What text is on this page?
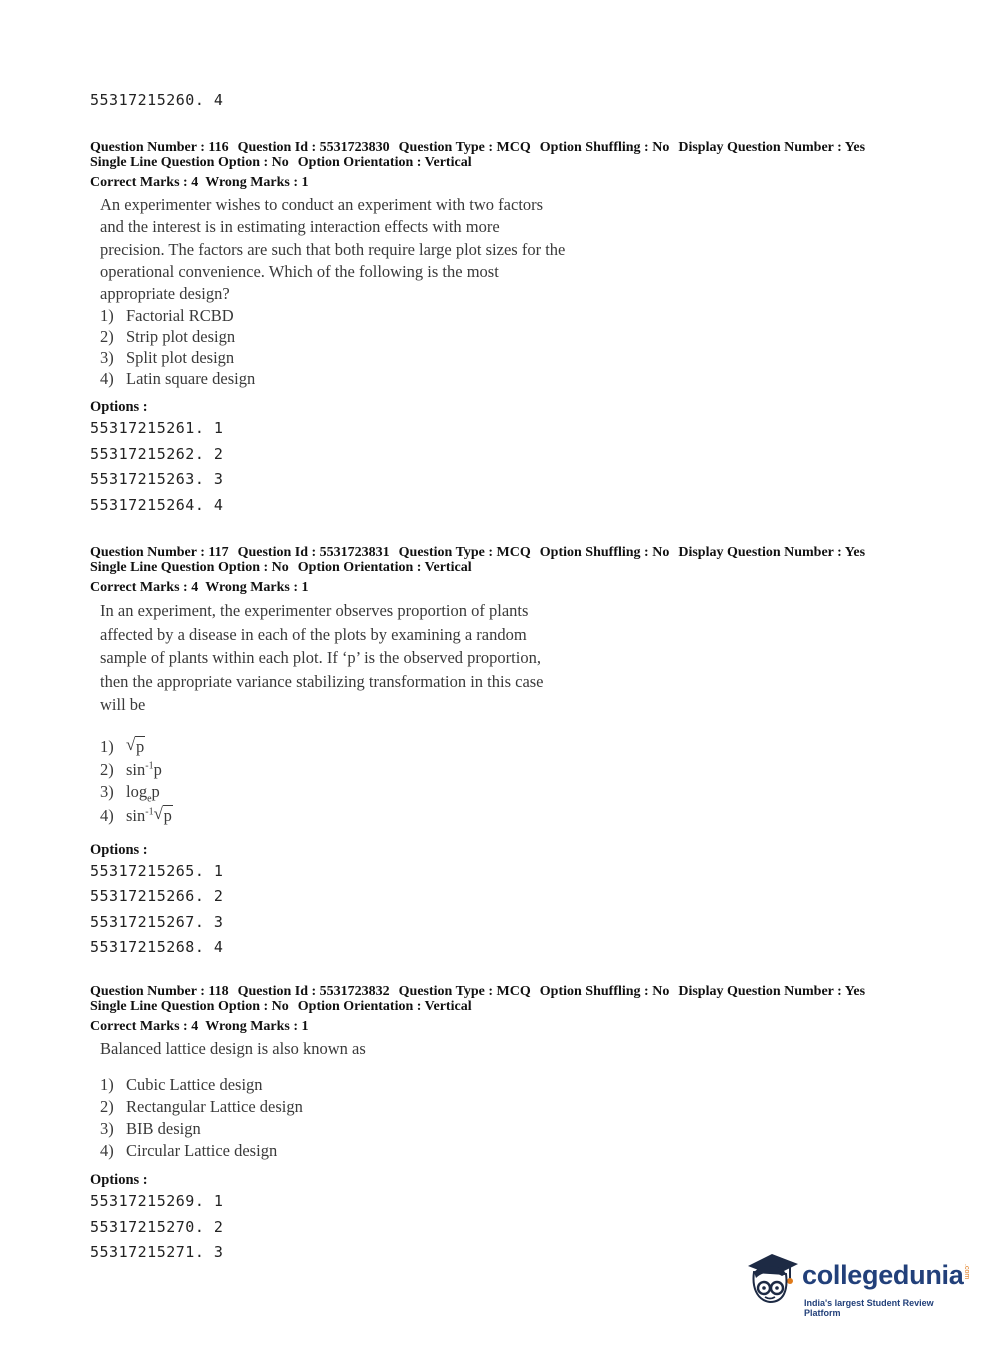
55317215260. 4
Question Number : 116 Question Id : 5531723830 Question Type : MCQ Option Shuffling : No Display Question Number : Yes
Single Line Question Option : No Option Orientation : Vertical
Correct Marks : 4 Wrong Marks : 1
An experimenter wishes to conduct an experiment with two factors
and the interest is in estimating interaction effects with more
precision. The factors are such that both require large plot sizes for the
operational convenience. Which of the following is the most
appropriate design?
1) Factorial RCBD
2) Strip plot design
3) Split plot design
4) Latin square design
Options :
55317215261. 1
55317215262. 2
55317215263. 3
55317215264. 4
Question Number : 117 Question Id : 5531723831 Question Type : MCQ Option Shuffling : No Display Question Number : Yes
Single Line Question Option : No Option Orientation : Vertical
Correct Marks : 4 Wrong Marks : 1
In an experiment, the experimenter observes proportion of plants
affected by a disease in each of the plots by examining a random
sample of plants within each plot. If ‘p’ is the observed proportion,
then the appropriate variance stabilizing transformation in this case
will be
1) √ p
2) $\sin^{-1}p$
3) $\log_ep$
4) $\sin^{-1}$ √ p
Options :
55317215265. 1
55317215266. 2
55317215267. 3
55317215268. 4
Question Number : 118 Question Id : 5531723832 Question Type : MCQ Option Shuffling : No Display Question Number : Yes
Single Line Question Option : No Option Orientation : Vertical
Correct Marks : 4 Wrong Marks : 1
Balanced lattice design is also known as
1) Cubic Lattice design
2) Rectangular Lattice design
3) BIB design
4) Circular Lattice design
Options :
55317215269. 1
55317215270. 2
55317215271. 3
collegedunia .com
India's largest Student Review Platform
